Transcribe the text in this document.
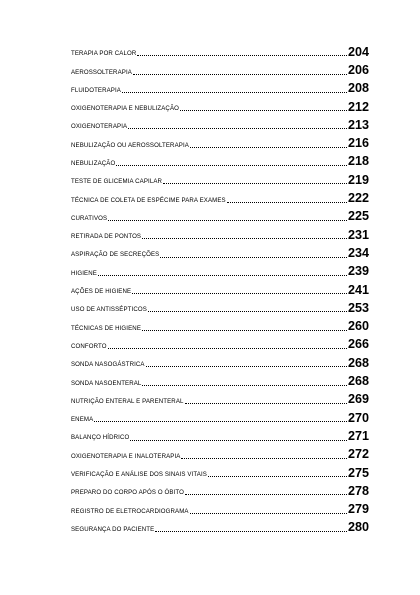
TERAPIA POR CALOR	204
AEROSSOLTERAPIA	206
FLUIDOTERAPIA	208
OXIGENOTERAPIA E NEBULIZAÇÃO	212
OXIGENOTERAPIA	213
NEBULIZAÇÃO OU AEROSSOLTERAPIA	216
NEBULIZAÇÃO	218
TESTE DE GLICEMIA CAPILAR	219
TÉCNICA DE COLETA DE ESPÉCIME PARA EXAMES	222
CURATIVOS	225
RETIRADA DE PONTOS	231
ASPIRAÇÃO DE SECREÇÕES	234
HIGIENE	239
AÇÕES DE HIGIENE	241
USO DE ANTISSÉPTICOS	253
TÉCNICAS DE HIGIENE	260
CONFORTO	266
SONDA NASOGÁSTRICA	268
SONDA NASOENTERAL	268
NUTRIÇÃO ENTERAL E PARENTERAL	269
ENEMA	270
BALANÇO HÍDRICO	271
OXIGENOTERAPIA E INALOTERAPIA	272
VERIFICAÇÃO E ANÁLISE DOS SINAIS VITAIS	275
PREPARO DO CORPO APÓS O ÓBITO	278
REGISTRO DE ELETROCARDIOGRAMA	279
SEGURANÇA DO PACIENTE	280
